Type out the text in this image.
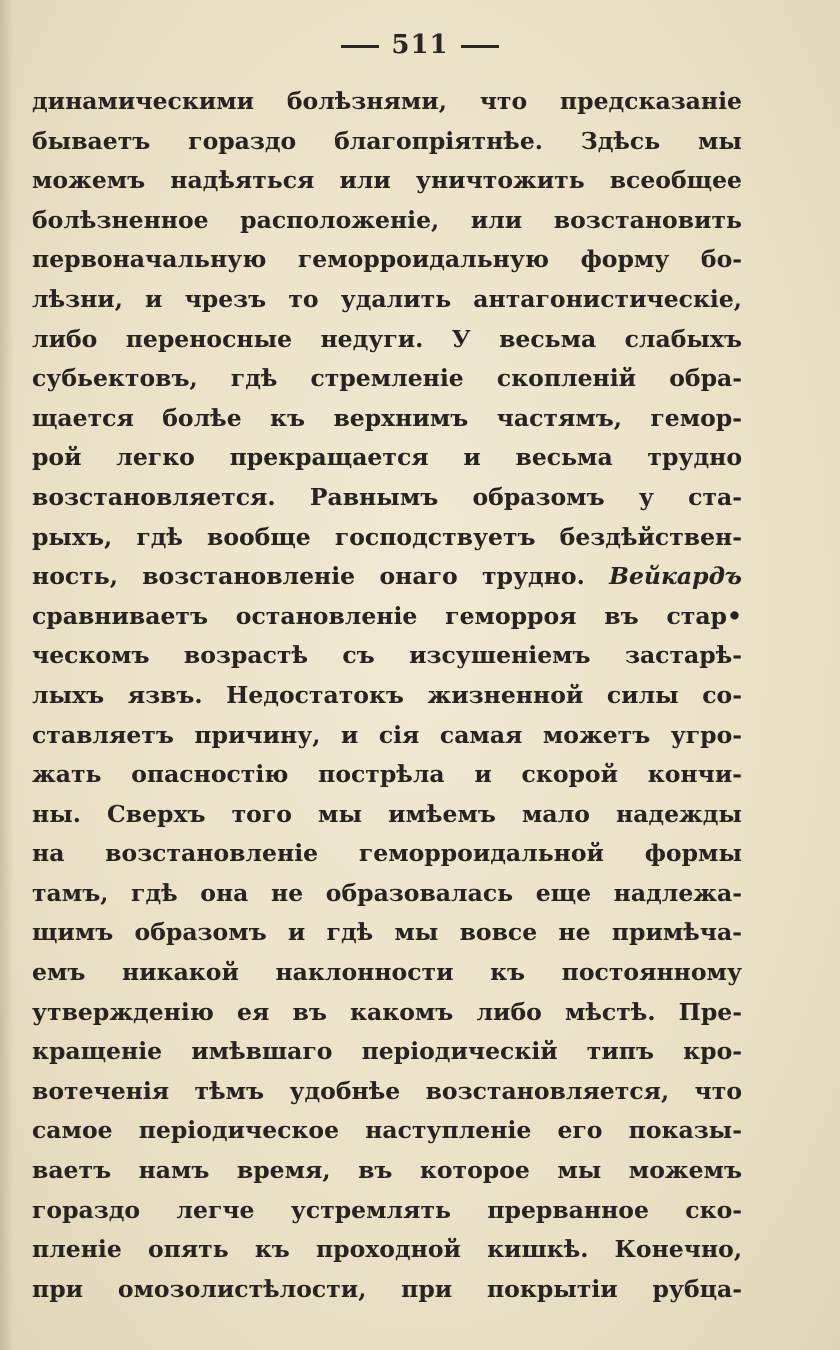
511
динамическими болѣзнями, что предсказаніе
бываетъ гораздо благопріятнѣе. Здѣсь мы
можемъ надѣяться или уничтожить всеобщее
болѣзненное расположеніе, или возстановить
первоначальную геморроидальную форму бо-
лѣзни, и чрезъ то удалить антагонистическіе,
либо переносные недуги. У весьма слабыхъ
субьектовъ, гдѣ стремленіе скопленій обра-
щается болѣе къ верхнимъ частямъ, гемор-
рой легко прекращается и весьма трудно
возстановляется. Равнымъ образомъ у ста-
рыхъ, гдѣ вообще господствуетъ бездѣйствен-
ность, возстановленіе онаго трудно. Вейкардъ
сравниваетъ остановленіе геморроя въ стар•
ческомъ возрастѣ съ изсушеніемъ застарѣ-
лыхъ язвъ. Недостатокъ жизненной силы со-
ставляетъ причину, и сія самая можетъ угро-
жать опасностію пострѣла и скорой кончи-
ны. Сверхъ того мы имѣемъ мало надежды
на возстановленіе геморроидальной формы
тамъ, гдѣ она не образовалась еще надлежа-
щимъ образомъ и гдѣ мы вовсе не примѣча-
емъ никакой наклонности къ постоянному
утвержденію ея въ какомъ либо мѣстѣ. Пре-
кращеніе имѣвшаго періодическій типъ кро-
вотеченія тѣмъ удобнѣе возстановляется, что
самое періодическое наступленіе его показы-
ваетъ намъ время, въ которое мы можемъ
гораздо легче устремлять прерванное ско-
пленіе опять къ проходной кишкѣ. Конечно,
при омозолистѣлости, при покрытіи рубца-
